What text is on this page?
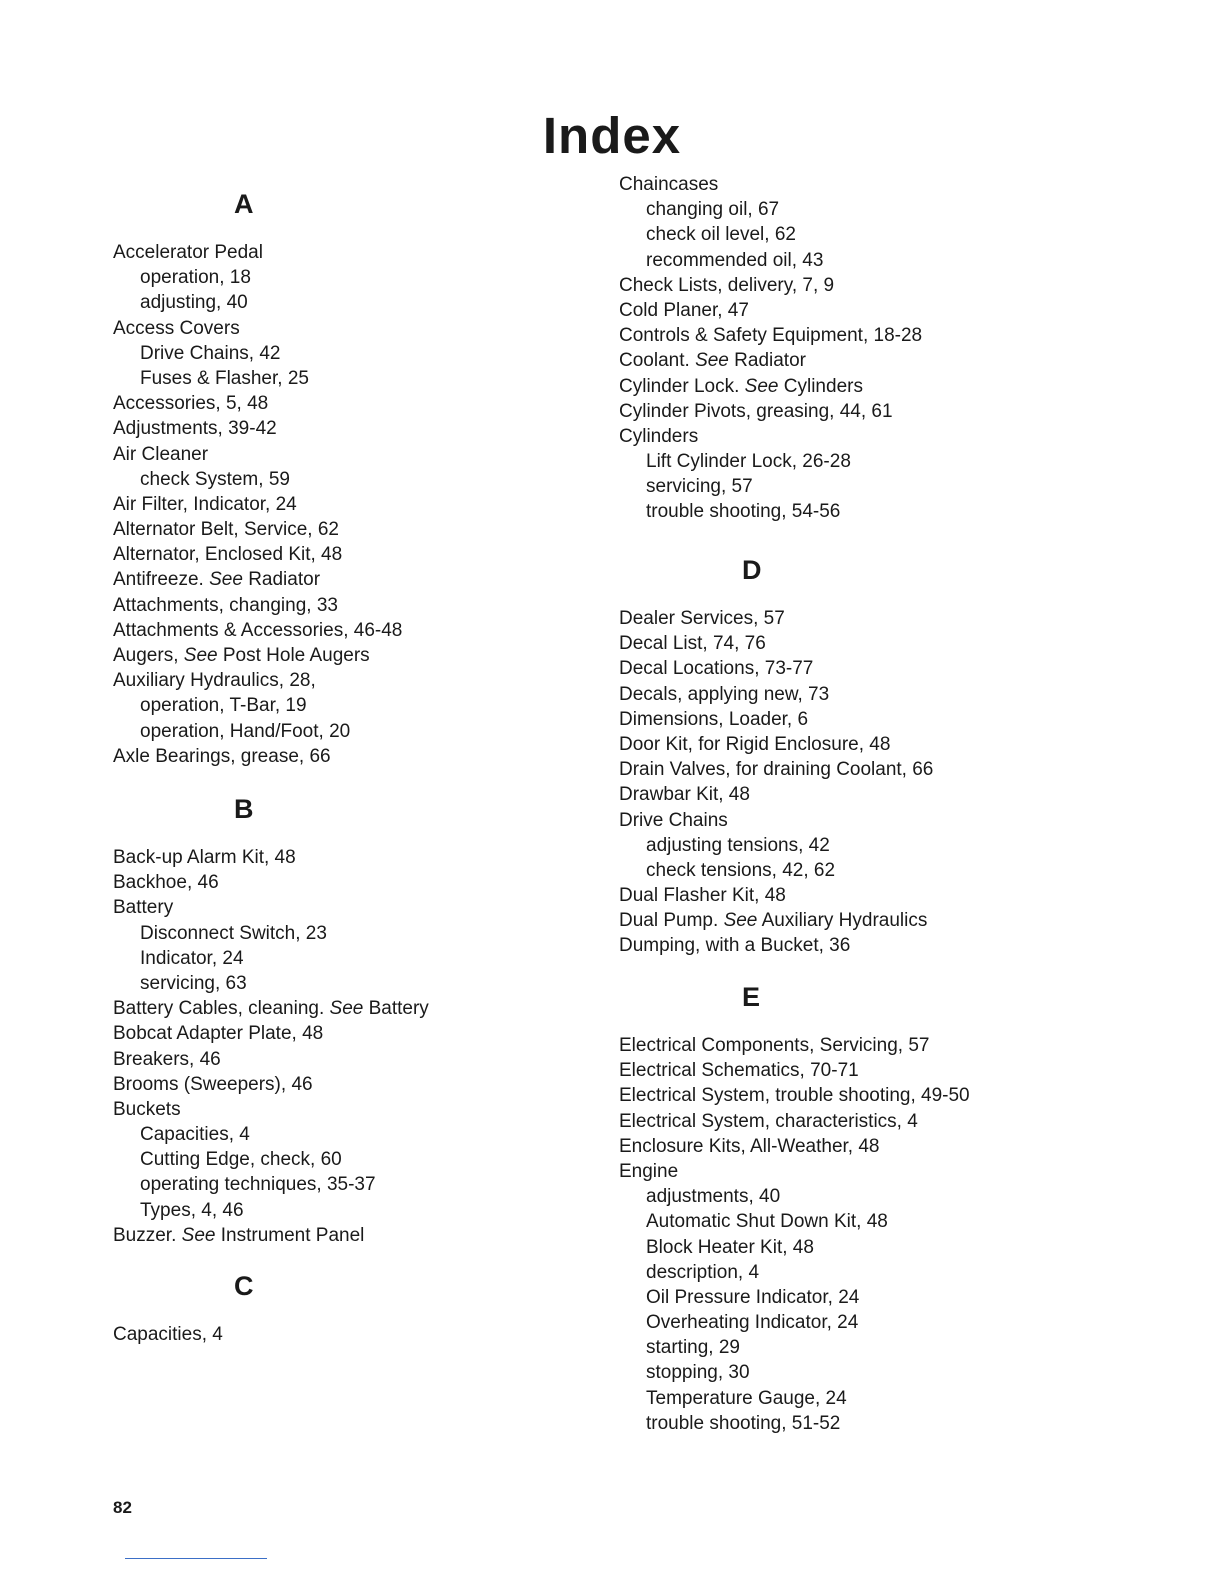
Index
A
Accelerator Pedal
operation, 18
adjusting, 40
Access Covers
Drive Chains, 42
Fuses & Flasher, 25
Accessories, 5, 48
Adjustments, 39-42
Air Cleaner
check System, 59
Air Filter, Indicator, 24
Alternator Belt, Service, 62
Alternator, Enclosed Kit, 48
Antifreeze. See Radiator
Attachments, changing, 33
Attachments & Accessories, 46-48
Augers, See Post Hole Augers
Auxiliary Hydraulics, 28,
operation, T-Bar, 19
operation, Hand/Foot, 20
Axle Bearings, grease, 66
B
Back-up Alarm Kit, 48
Backhoe, 46
Battery
Disconnect Switch, 23
Indicator, 24
servicing, 63
Battery Cables, cleaning. See Battery
Bobcat Adapter Plate, 48
Breakers, 46
Brooms (Sweepers), 46
Buckets
Capacities, 4
Cutting Edge, check, 60
operating techniques, 35-37
Types, 4, 46
Buzzer. See Instrument Panel
C
Capacities, 4
Chaincases
changing oil, 67
check oil level, 62
recommended oil, 43
Check Lists, delivery, 7, 9
Cold Planer, 47
Controls & Safety Equipment, 18-28
Coolant. See Radiator
Cylinder Lock. See Cylinders
Cylinder Pivots, greasing, 44, 61
Cylinders
Lift Cylinder Lock, 26-28
servicing, 57
trouble shooting, 54-56
D
Dealer Services, 57
Decal List, 74, 76
Decal Locations, 73-77
Decals, applying new, 73
Dimensions, Loader, 6
Door Kit, for Rigid Enclosure, 48
Drain Valves, for draining Coolant, 66
Drawbar Kit, 48
Drive Chains
adjusting tensions, 42
check tensions, 42, 62
Dual Flasher Kit, 48
Dual Pump. See Auxiliary Hydraulics
Dumping, with a Bucket, 36
E
Electrical Components, Servicing, 57
Electrical Schematics, 70-71
Electrical System, trouble shooting, 49-50
Electrical System, characteristics, 4
Enclosure Kits, All-Weather, 48
Engine
adjustments, 40
Automatic Shut Down Kit, 48
Block Heater Kit, 48
description, 4
Oil Pressure Indicator, 24
Overheating Indicator, 24
starting, 29
stopping, 30
Temperature Gauge, 24
trouble shooting, 51-52
82
